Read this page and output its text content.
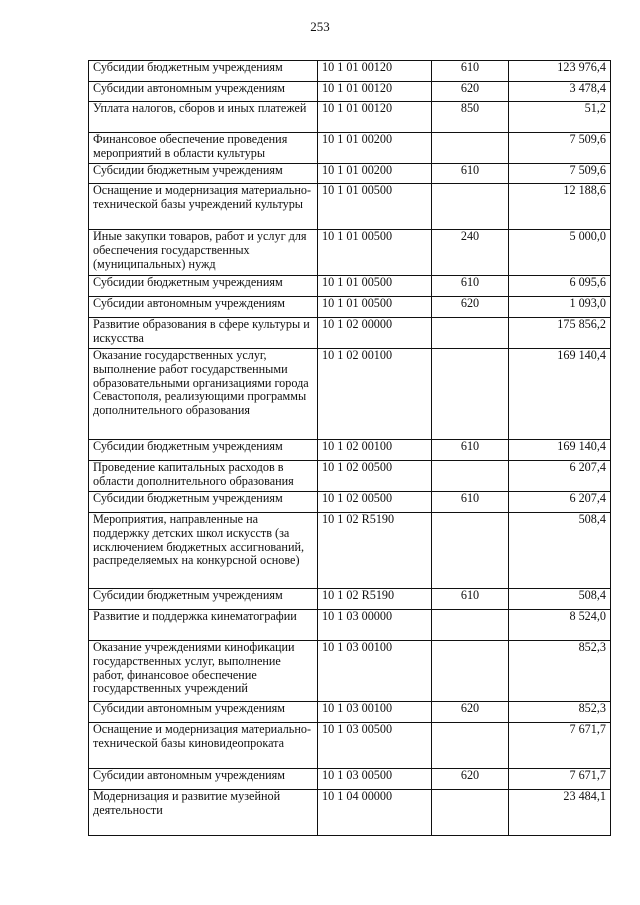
253
Субсидии бюджетным учреждениям	10 1 01 00120	610	123 976,4
Субсидии автономным учреждениям	10 1 01 00120	620	3 478,4
Уплата налогов, сборов и иных платежей	10 1 01 00120	850	51,2
Финансовое обеспечение проведения мероприятий в области культуры	10 1 01 00200		7 509,6
Субсидии бюджетным учреждениям	10 1 01 00200	610	7 509,6
Оснащение и модернизация материально-технической базы учреждений культуры	10 1 01 00500		12 188,6
Иные закупки товаров, работ и услуг для обеспечения государственных (муниципальных) нужд	10 1 01 00500	240	5 000,0
Субсидии бюджетным учреждениям	10 1 01 00500	610	6 095,6
Субсидии автономным учреждениям	10 1 01 00500	620	1 093,0
Развитие образования в сфере культуры и искусства	10 1 02 00000		175 856,2
Оказание государственных услуг, выполнение работ государственными образовательными организациями города Севастополя, реализующими программы дополнительного образования	10 1 02 00100		169 140,4
Субсидии бюджетным учреждениям	10 1 02 00100	610	169 140,4
Проведение капитальных расходов в области дополнительного образования	10 1 02 00500		6 207,4
Субсидии бюджетным учреждениям	10 1 02 00500	610	6 207,4
Мероприятия, направленные на поддержку детских школ искусств (за исключением бюджетных ассигнований, распределяемых на конкурсной основе)	10 1 02 R5190		508,4
Субсидии бюджетным учреждениям	10 1 02 R5190	610	508,4
Развитие и поддержка кинематографии	10 1 03 00000		8 524,0
Оказание учреждениями кинофикации государственных услуг, выполнение работ, финансовое обеспечение государственных учреждений	10 1 03 00100		852,3
Субсидии автономным учреждениям	10 1 03 00100	620	852,3
Оснащение и модернизация материально-технической базы киновидеопроката	10 1 03 00500		7 671,7
Субсидии автономным учреждениям	10 1 03 00500	620	7 671,7
Модернизация и развитие музейной деятельности	10 1 04 00000		23 484,1
